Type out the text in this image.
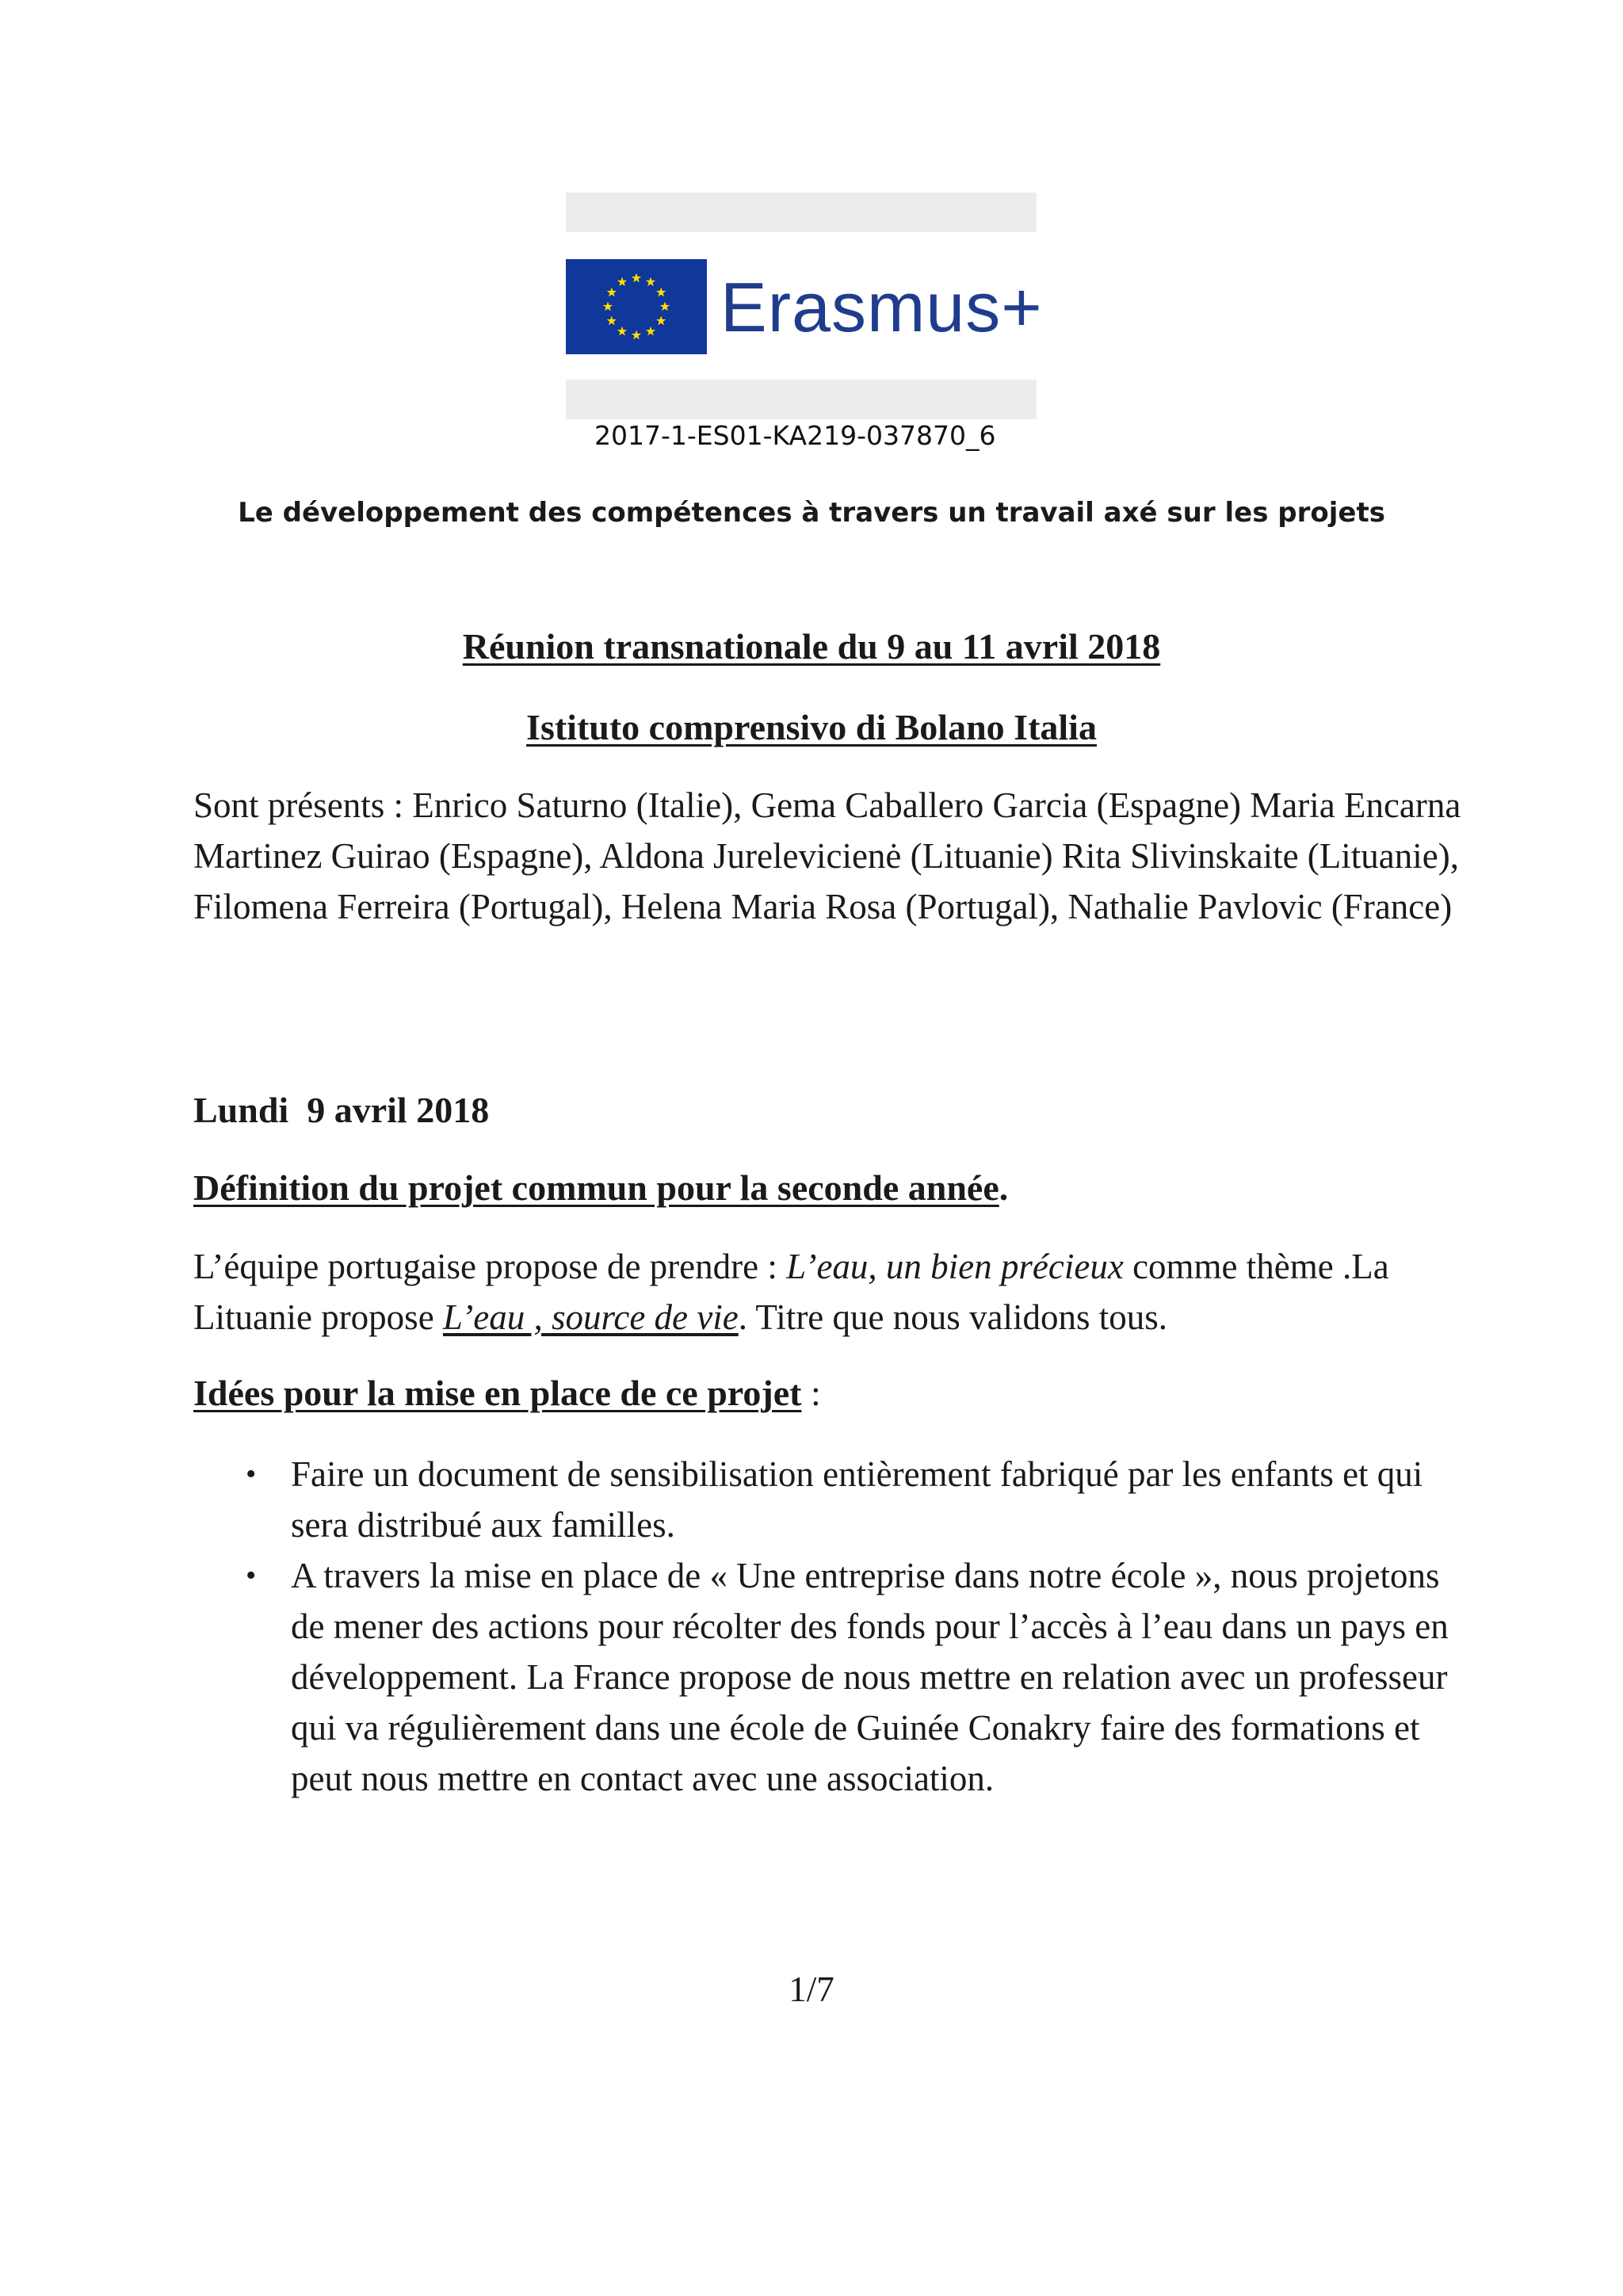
Erasmus+
2017-1-ES01-KA219-037870_6
Le développement des compétences à travers un travail axé sur les projets
Réunion transnationale du 9 au 11 avril 2018
Istituto comprensivo di Bolano Italia

Sont présents : Enrico Saturno (Italie), Gema Caballero Garcia (Espagne) Maria Encarna Martinez Guirao (Espagne), Aldona Jurelevicienė (Lituanie) Rita Slivinskaite (Lituanie), Filomena Ferreira (Portugal), Helena Maria Rosa (Portugal), Nathalie Pavlovic (France)

Lundi  9 avril 2018
Définition du projet commun pour la seconde année.

L’équipe portugaise propose de prendre : L’eau, un bien précieux comme thème .La Lituanie propose L’eau , source de vie. Titre que nous validons tous.

Idées pour la mise en place de ce projet :
• Faire un document de sensibilisation entièrement fabriqué par les enfants et qui sera distribué aux familles.
• A travers la mise en place de « Une entreprise dans notre école », nous projetons de mener des actions pour récolter des fonds pour l’accès à l’eau dans un pays en développement. La France propose de nous mettre en relation avec un professeur qui va régulièrement dans une école de Guinée Conakry faire des formations et peut nous mettre en contact avec une association.
1/7
